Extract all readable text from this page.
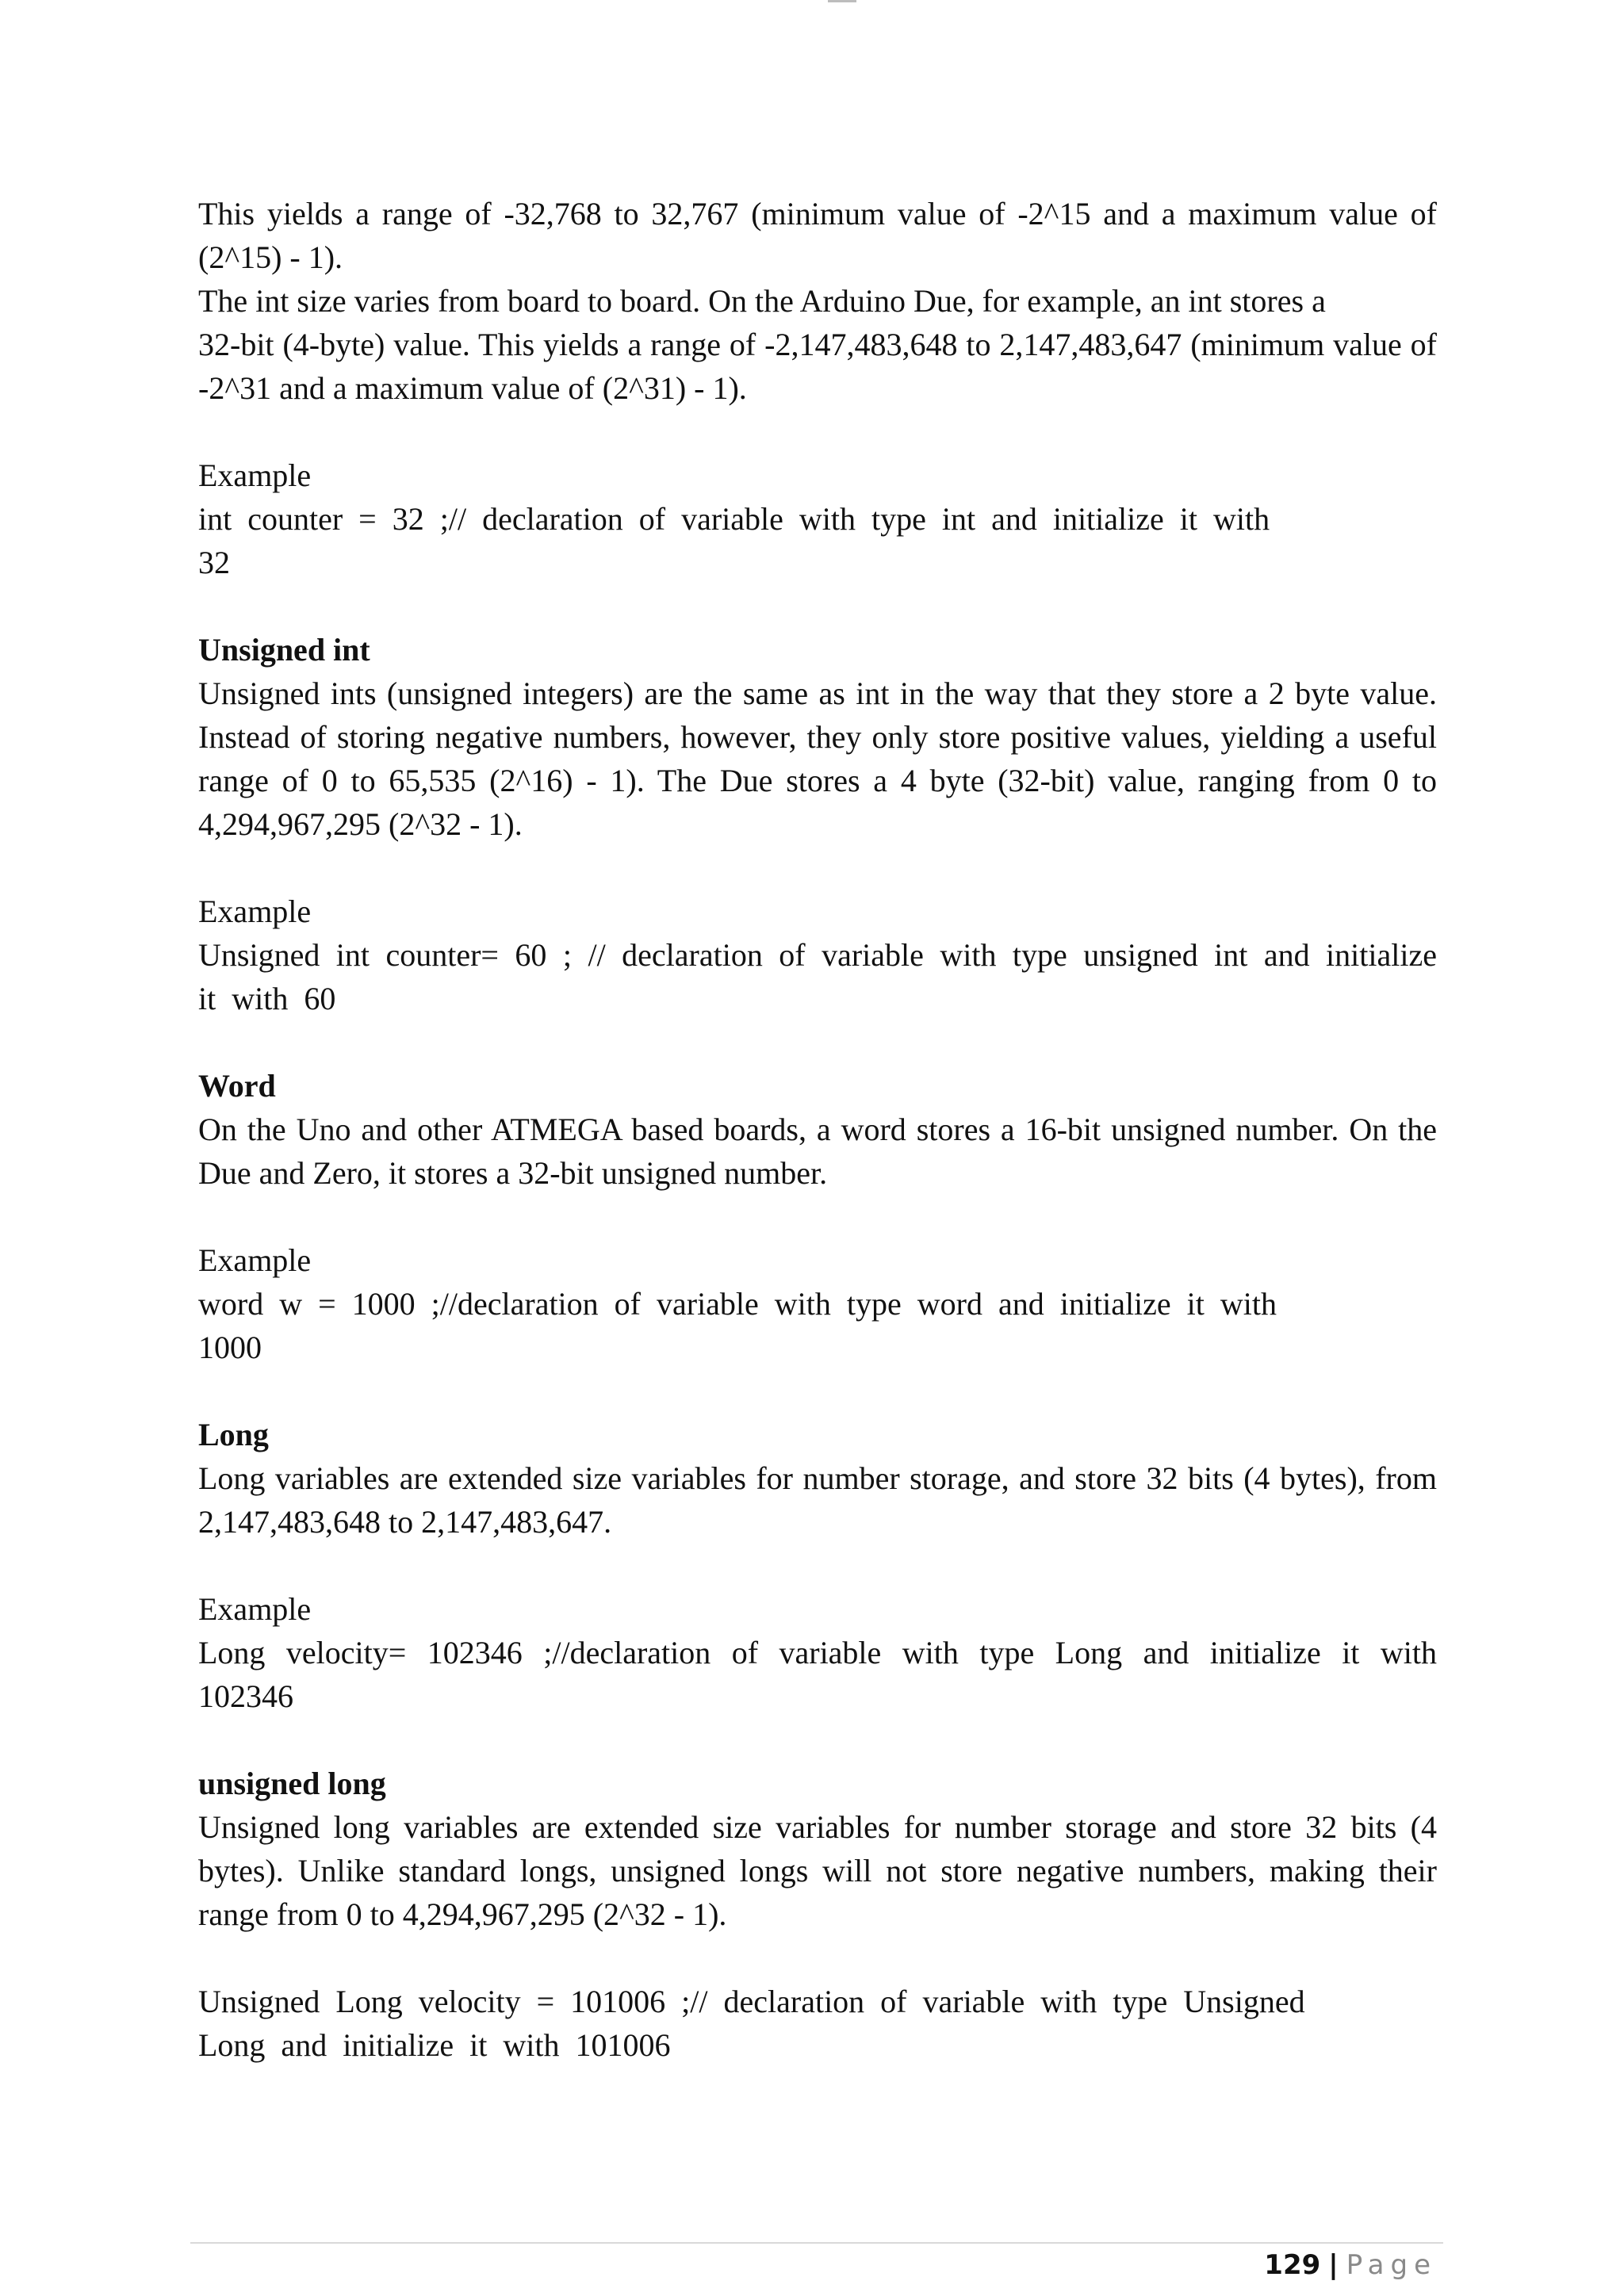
This yields a range of -32,768 to 32,767 (minimum value of -2^15 and a maximum value of (2^15) - 1).

The int size varies from board to board. On the Arduino Due, for example, an int stores a

32-bit (4-byte) value. This yields a range of -2,147,483,648 to 2,147,483,647 (minimum value of -2^31 and a maximum value of (2^31) - 1).

Example

int counter = 32 ;// declaration of variable with type int and initialize it with

32

Unsigned int

Unsigned ints (unsigned integers) are the same as int in the way that they store a 2 byte value. Instead of storing negative numbers, however, they only store positive values, yielding a useful range of 0 to 65,535 (2^16) - 1). The Due stores a 4 byte (32-bit) value, ranging from 0 to 4,294,967,295 (2^32 - 1).

Example

Unsigned int counter= 60 ; // declaration of variable with type unsigned int and initialize it with 60

Word

On the Uno and other ATMEGA based boards, a word stores a 16-bit unsigned number. On the Due and Zero, it stores a 32-bit unsigned number.

Example

word w = 1000 ;//declaration of variable with type word and initialize it with

1000

Long

Long variables are extended size variables for number storage, and store 32 bits (4 bytes), from 2,147,483,648 to 2,147,483,647.

Example

Long velocity= 102346 ;//declaration of variable with type Long and initialize it with 102346

unsigned long

Unsigned long variables are extended size variables for number storage and store 32 bits (4 bytes). Unlike standard longs, unsigned longs will not store negative numbers, making their range from 0 to 4,294,967,295 (2^32 - 1).

Unsigned Long velocity = 101006 ;// declaration of variable with type Unsigned

Long and initialize it with 101006

129 | Page
